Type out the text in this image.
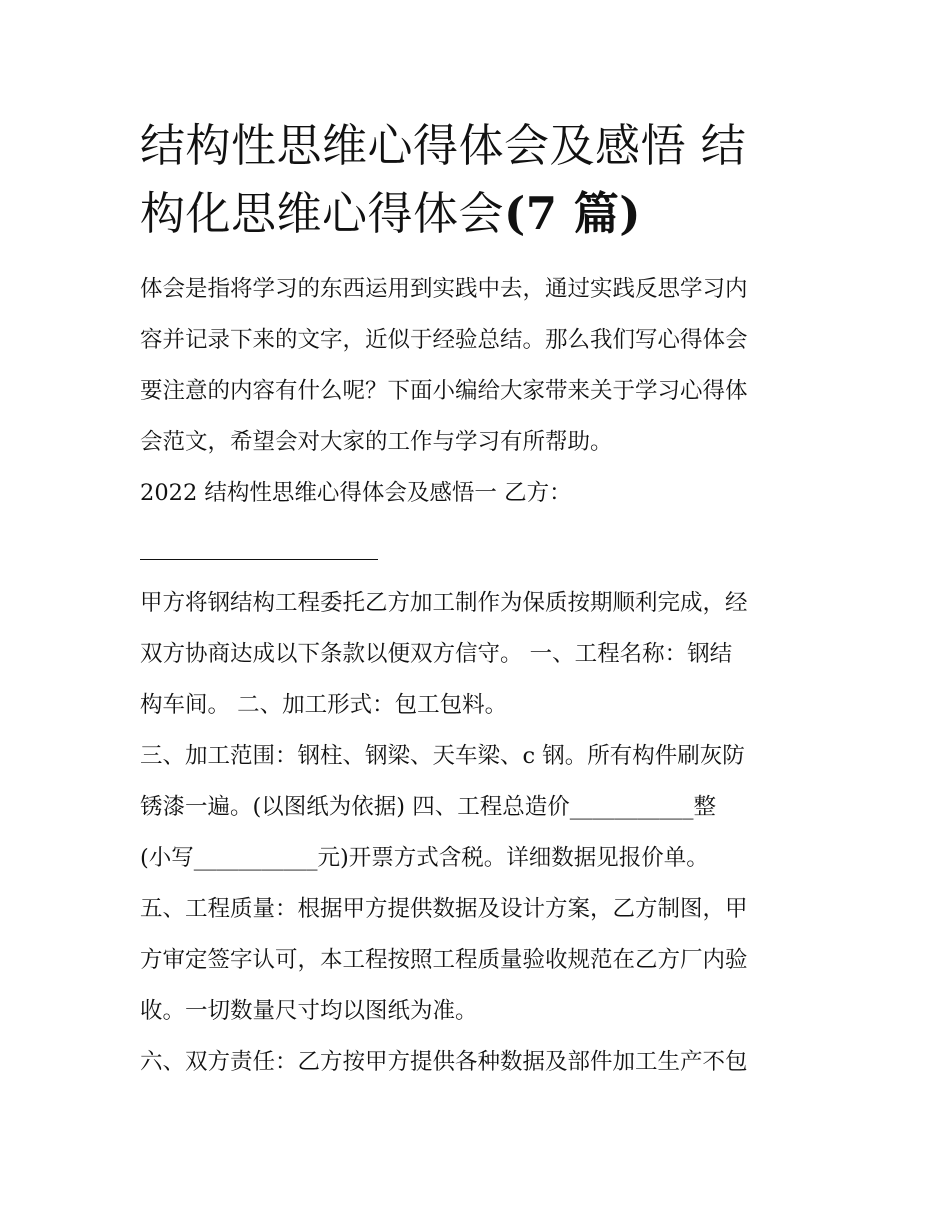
结构性思维心得体会及感悟 结
构化思维心得体会(7 篇)

体会是指将学习的东西运用到实践中去，通过实践反思学习内
容并记录下来的文字，近似于经验总结。那么我们写心得体会
要注意的内容有什么呢？下面小编给大家带来关于学习心得体
会范文，希望会对大家的工作与学习有所帮助。

2022 结构性思维心得体会及感悟一 乙方：

甲方将钢结构工程委托乙方加工制作为保质按期顺利完成，经
双方协商达成以下条款以便双方信守。 一、工程名称：钢结
构车间。 二、加工形式：包工包料。

三、加工范围：钢柱、钢梁、天车梁、c 钢。所有构件刷灰防
锈漆一遍。(以图纸为依据) 四、工程总造价___________整
(小写___________元)开票方式含税。详细数据见报价单。

五、工程质量：根据甲方提供数据及设计方案，乙方制图，甲
方审定签字认可，本工程按照工程质量验收规范在乙方厂内验
收。一切数量尺寸均以图纸为准。

六、双方责任：乙方按甲方提供各种数据及部件加工生产不包
